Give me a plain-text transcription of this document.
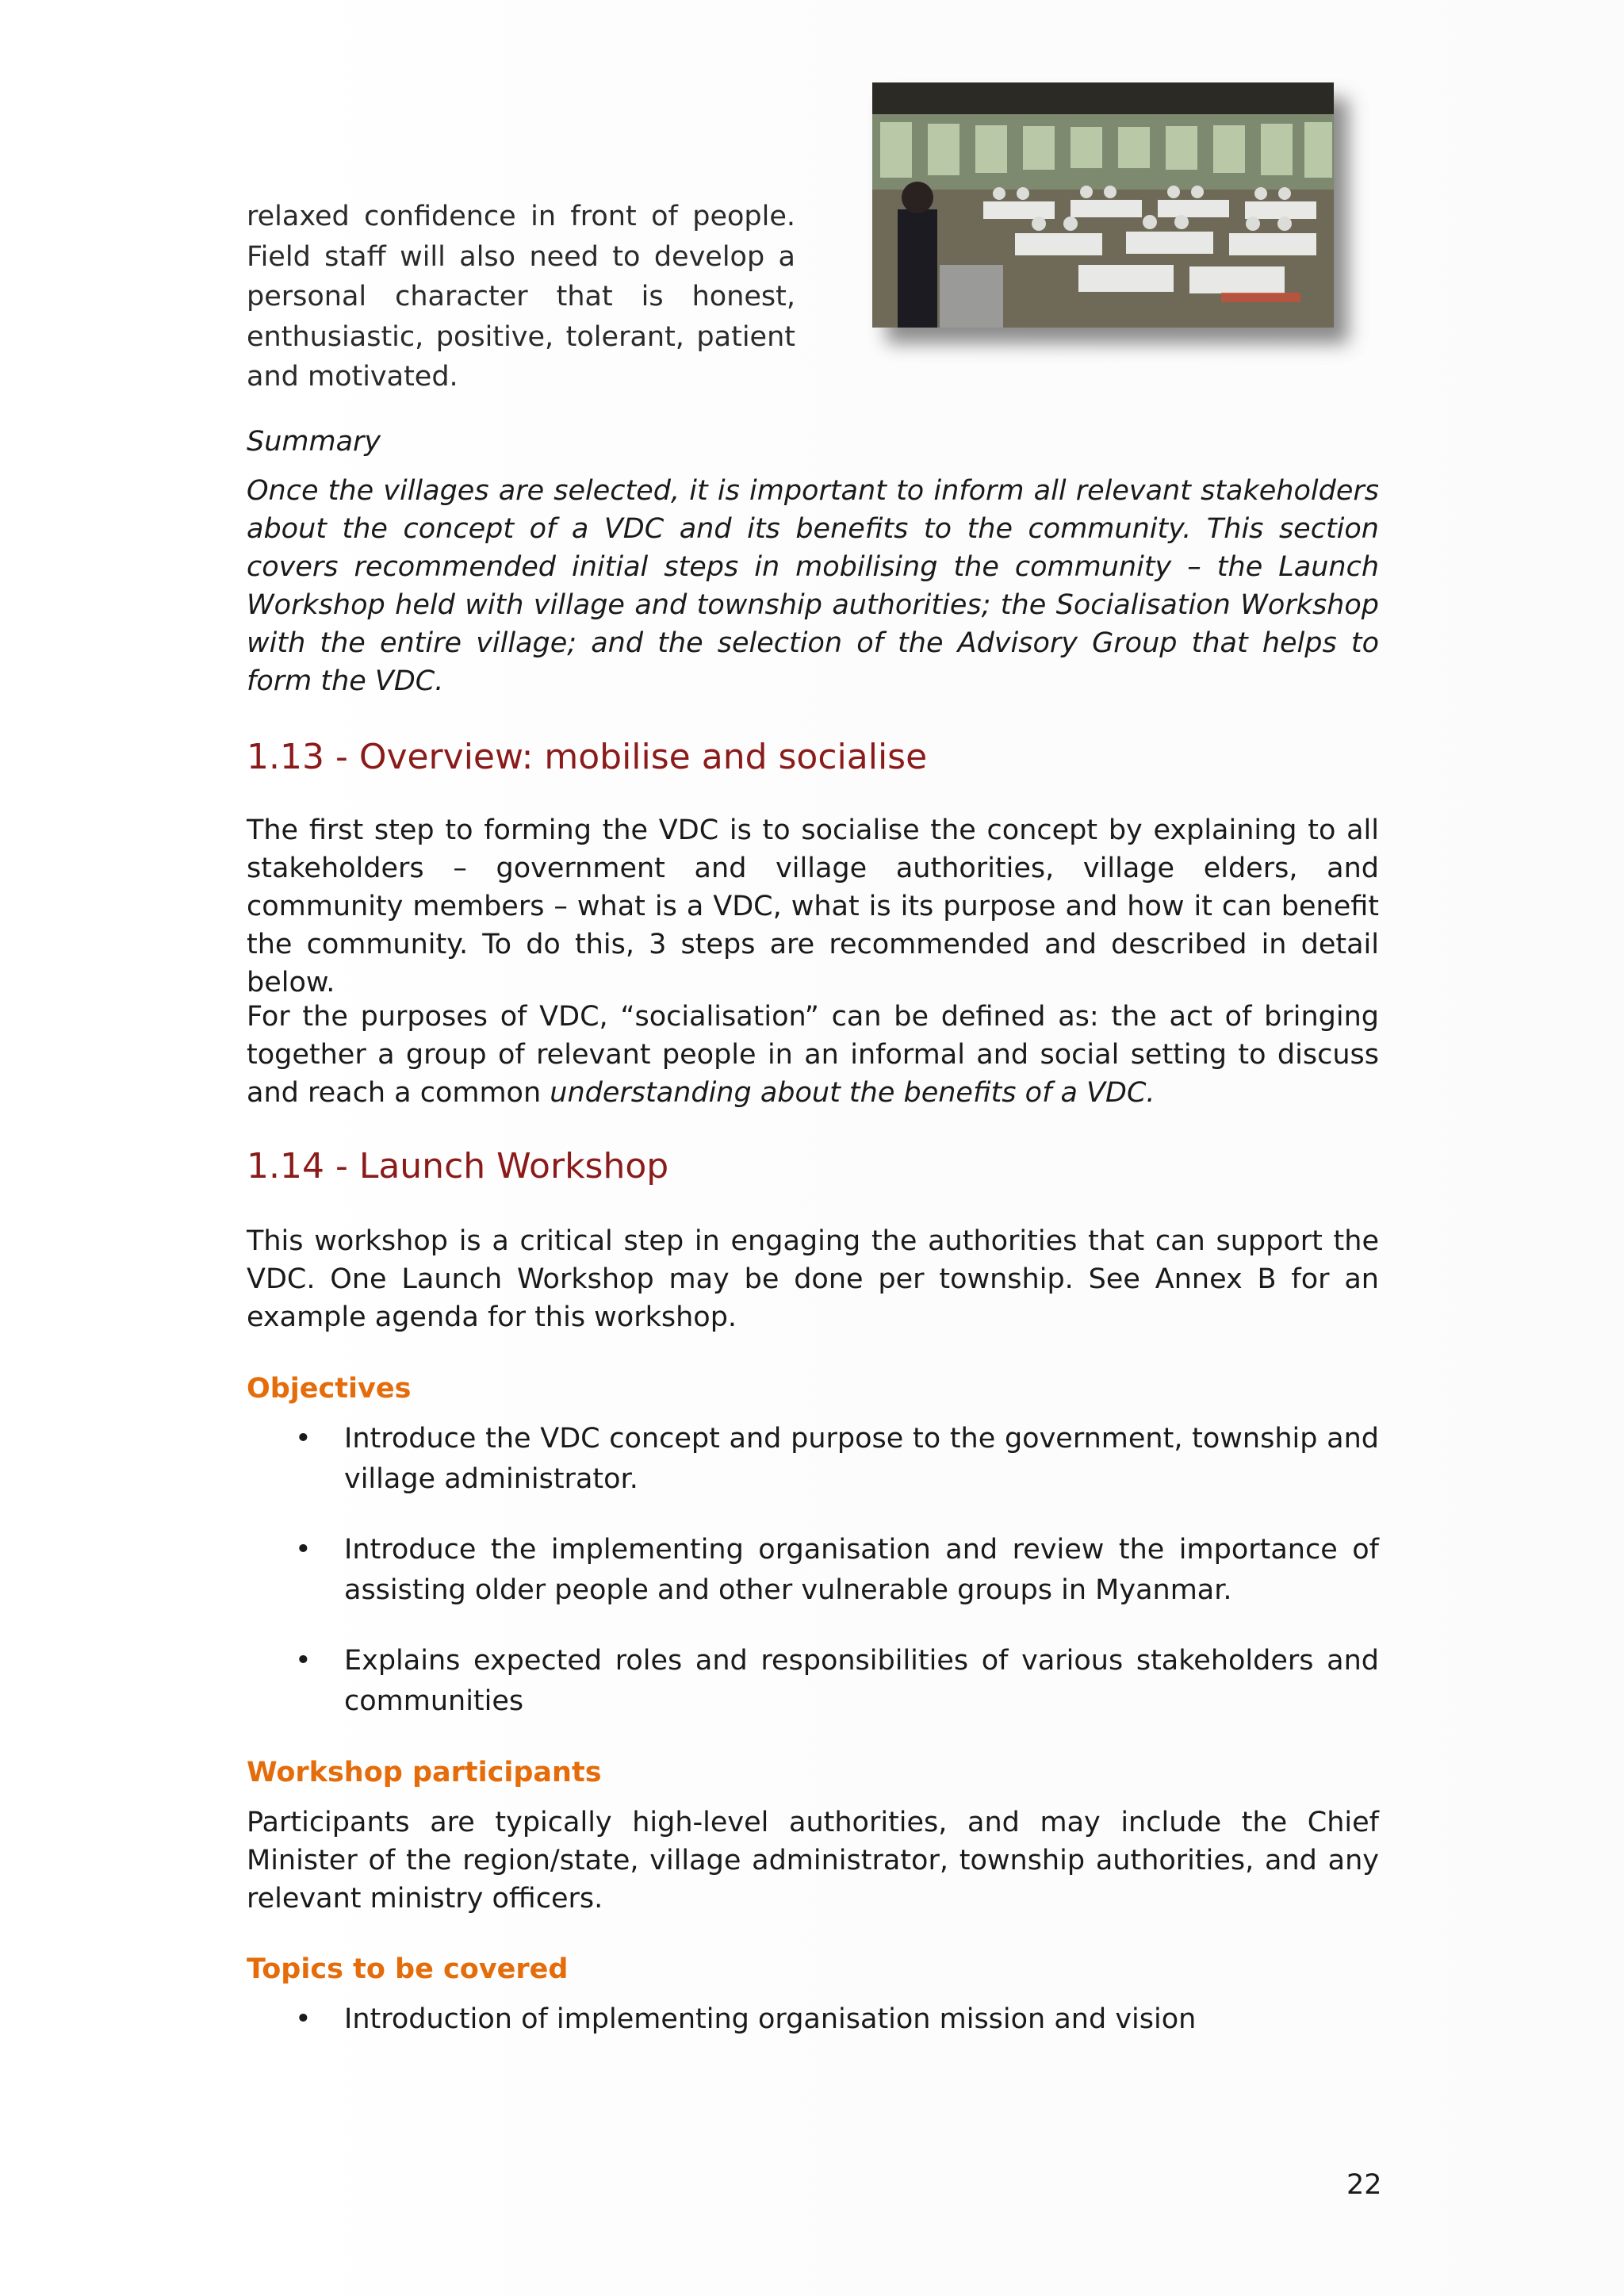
relaxed confidence in front of people. Field staff will also need to develop a personal character that is honest, enthusiastic, positive, tolerant, patient and motivated.

Summary

Once the villages are selected, it is important to inform all relevant stakeholders about the concept of a VDC and its benefits to the community. This section covers recommended initial steps in mobilising the community – the Launch Workshop held with village and township authorities; the Socialisation Workshop with the entire village; and the selection of the Advisory Group that helps to form the VDC.

1.13 - Overview: mobilise and socialise

The first step to forming the VDC is to socialise the concept by explaining to all stakeholders – government and village authorities, village elders, and community members – what is a VDC, what is its purpose and how it can benefit the community. To do this, 3 steps are recommended and described in detail below.

For the purposes of VDC, “socialisation” can be defined as: the act of bringing together a group of relevant people in an informal and social setting to discuss and reach a common understanding about the benefits of a VDC.

1.14 - Launch Workshop

This workshop is a critical step in engaging the authorities that can support the VDC. One Launch Workshop may be done per township. See Annex B for an example agenda for this workshop.

Objectives

• Introduce the VDC concept and purpose to the government, township and village administrator.
• Introduce the implementing organisation and review the importance of assisting older people and other vulnerable groups in Myanmar.
• Explains expected roles and responsibilities of various stakeholders and communities

Workshop participants

Participants are typically high-level authorities, and may include the Chief Minister of the region/state, village administrator, township authorities, and any relevant ministry officers.

Topics to be covered

• Introduction of implementing organisation mission and vision

22
